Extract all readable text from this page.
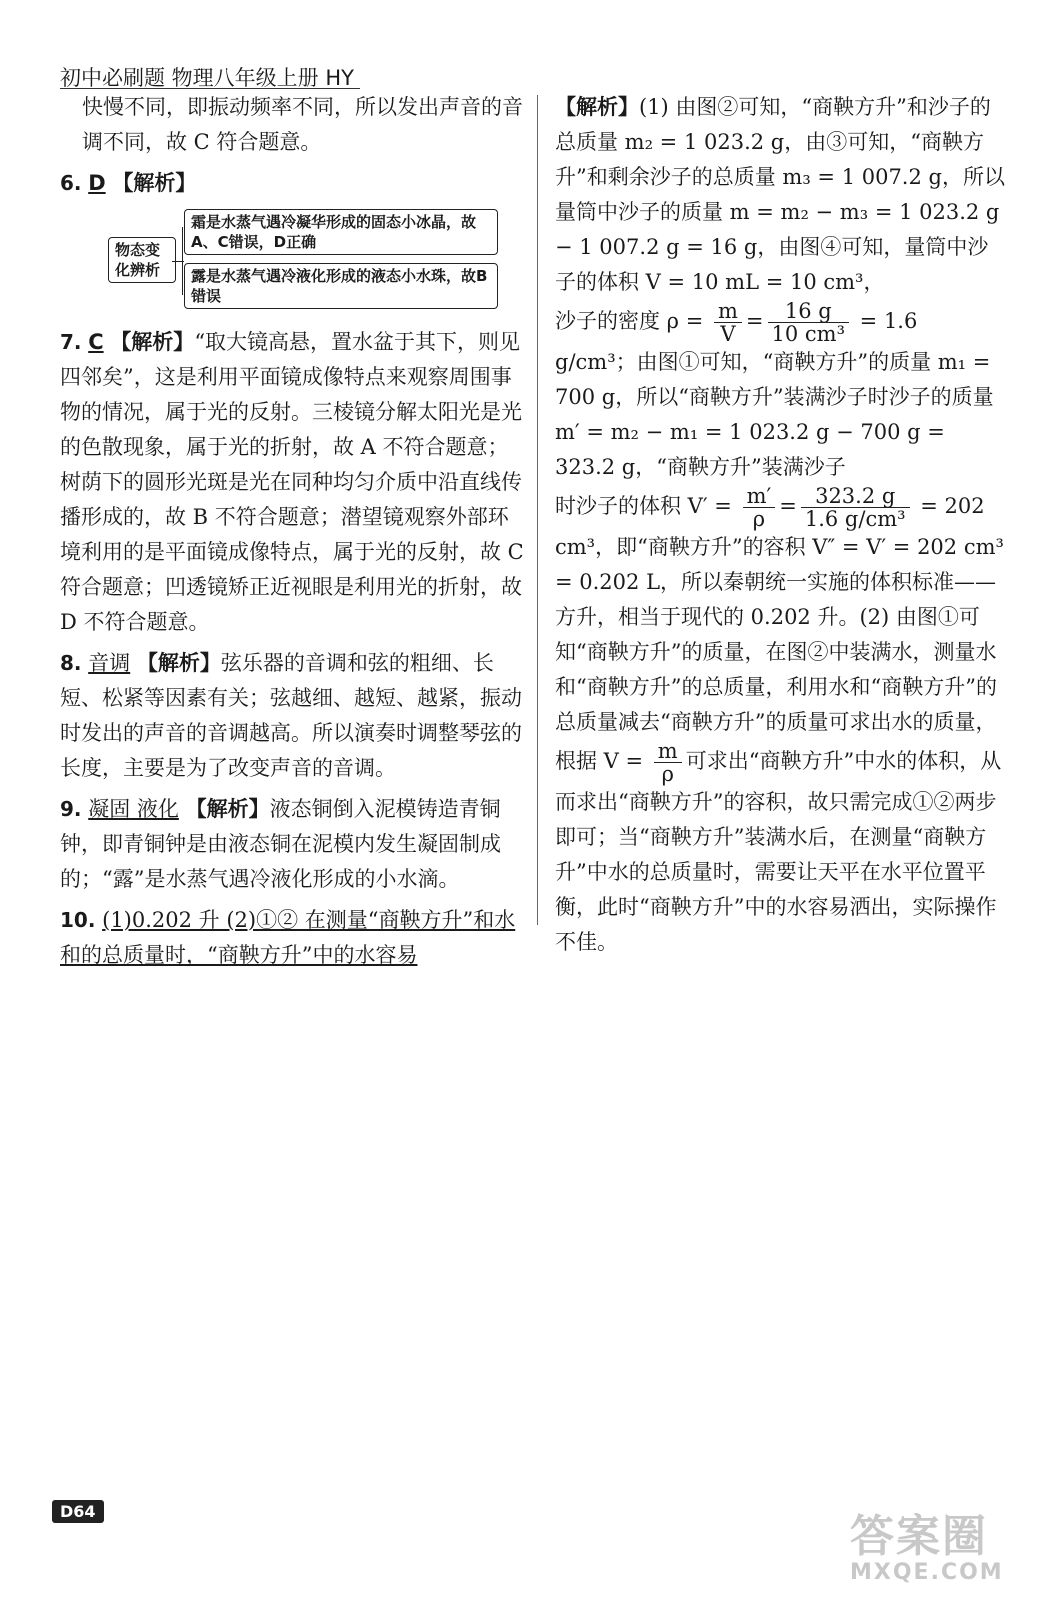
初中必刷题 物理八年级上册 HY

快慢不同，即振动频率不同，所以发出声音的音调不同，故 C 符合题意。

6. D 【解析】
物态变化辨析
霜是水蒸气遇冷凝华形成的固态小冰晶，故A、C错误，D正确
露是水蒸气遇冷液化形成的液态小水珠，故B错误
7. C 【解析】“取大镜高悬，置水盆于其下，则见四邻矣”，这是利用平面镜成像特点来观察周围事物的情况，属于光的反射。三棱镜分解太阳光是光的色散现象，属于光的折射，故 A 不符合题意；树荫下的圆形光斑是光在同种均匀介质中沿直线传播形成的，故 B 不符合题意；潜望镜观察外部环境利用的是平面镜成像特点，属于光的反射，故 C 符合题意；凹透镜矫正近视眼是利用光的折射，故 D 不符合题意。
8. 音调 【解析】弦乐器的音调和弦的粗细、长短、松紧等因素有关；弦越细、越短、越紧，振动时发出的声音的音调越高。所以演奏时调整琴弦的长度，主要是为了改变声音的音调。
9. 凝固 液化 【解析】液态铜倒入泥模铸造青铜钟，即青铜钟是由液态铜在泥模内发生凝固制成的；“露”是水蒸气遇冷液化形成的小水滴。
10. (1)0.202 升 (2)①② 在测量“商鞅方升”和水和的总质量时，“商鞅方升”中的水容易

【解析】(1) 由图②可知，“商鞅方升”和沙子的总质量 m₂ = 1 023.2 g，由③可知，“商鞅方升”和剩余沙子的总质量 m₃ = 1 007.2 g，所以量筒中沙子的质量 m = m₂ − m₃ = 1 023.2 g − 1 007.2 g = 16 g，由图④可知，量筒中沙子的体积 V = 10 mL = 10 cm³，

沙子的密度 $\rho = \frac{m}{V} = \frac{16 g}{\text{10 cm³}} = 1.6$ g/cm³；由图①可知，“商鞅方升”的质量 m₁ = 700 g，所以“商鞅方升”装满沙子时沙子的质量 m′ = m₂ − m₁ = 1 023.2 g − 700 g = 323.2 g，“商鞅方升”装满沙子

时沙子的体积 $V' = \frac{m'}{\rho} = \frac{323.2 g}{\text{1.6 g/cm³}} = 202$ cm³，即“商鞅方升”的容积 V″ = V′ = 202 cm³ = 0.202 L，所以秦朝统一实施的体积标准——方升，相当于现代的 0.202 升。(2) 由图①可知“商鞅方升”的质量，在图②中装满水，测量水和“商鞅方升”的总质量，利用水和“商鞅方升”的总质量减去“商鞅方升”的质量可求出水的质量，根据 $V = \frac{m}{\rho}$ 可求出“商鞅方升”中水的体积，从而求出“商鞅方升”的容积，故只需完成①②两步即可；当“商鞅方升”装满水后，在测量“商鞅方升”中水的总质量时，需要让天平在水平位置平衡，此时“商鞅方升”中的水容易洒出，实际操作不佳。

D64	答案圈
MXQE.COM
